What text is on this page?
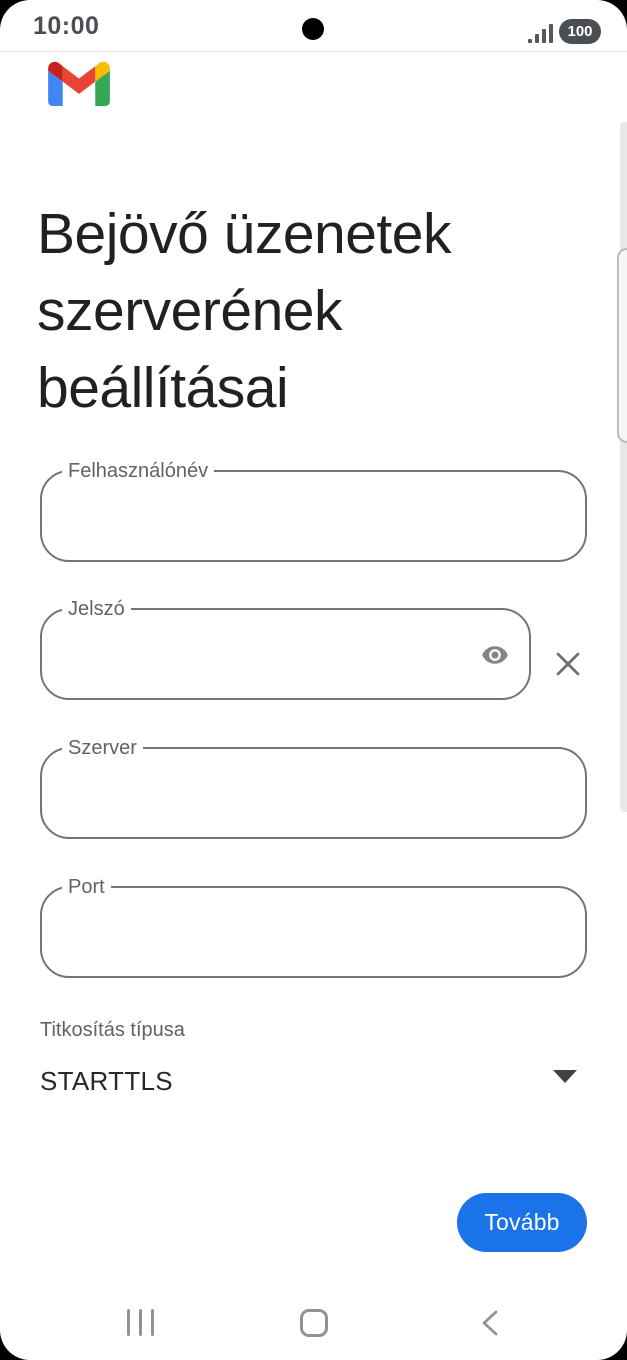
10:00	100
Bejövő üzenetek szerverének beállításai
Felhasználónév
Jelszó
Szerver
Port
Titkosítás típusa
STARTTLS
Tovább
